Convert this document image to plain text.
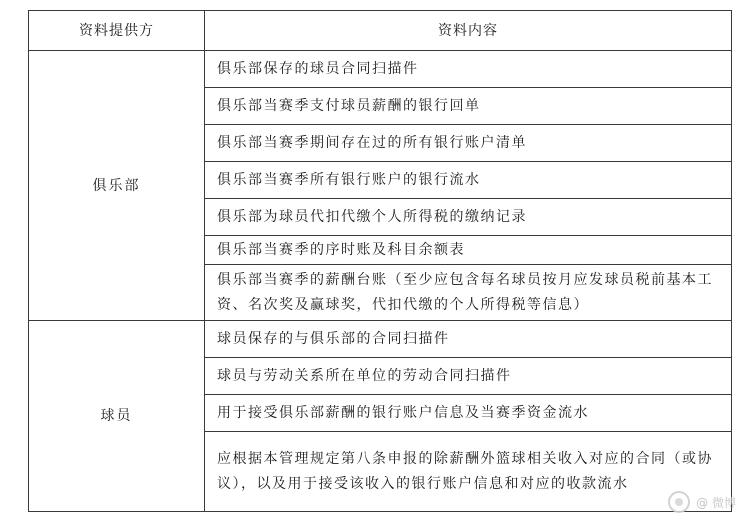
资料提供方	资料内容
俱乐部	俱乐部保存的球员合同扫描件
	俱乐部当赛季支付球员薪酬的银行回单
	俱乐部当赛季期间存在过的所有银行账户清单
	俱乐部当赛季所有银行账户的银行流水
	俱乐部为球员代扣代缴个人所得税的缴纳记录
	俱乐部当赛季的序时账及科目余额表
	俱乐部当赛季的薪酬台账（至少应包含每名球员按月应发球员税前基本工资、名次奖及赢球奖，代扣代缴的个人所得税等信息）
球员	球员保存的与俱乐部的合同扫描件
	球员与劳动关系所在单位的劳动合同扫描件
	用于接受俱乐部薪酬的银行账户信息及当赛季资金流水
	应根据本管理规定第八条申报的除薪酬外篮球相关收入对应的合同（或协议），以及用于接受该收入的银行账户信息和对应的收款流水
@ 微博
